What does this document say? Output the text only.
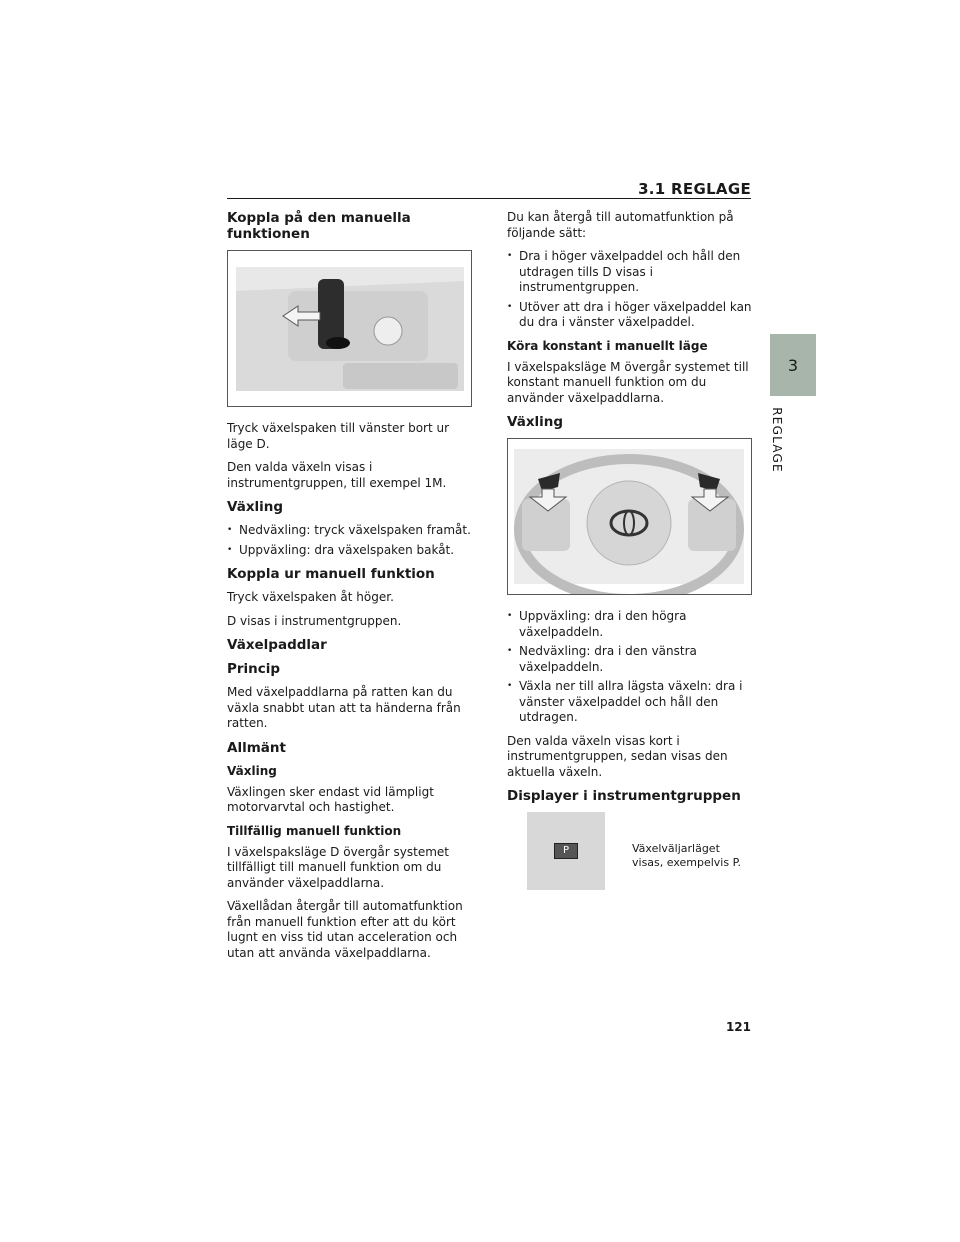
3.1 REGLAGE
3
REGLAGE
Koppla på den manuella funktionen

Tryck växelspaken till vänster bort ur läge D.

Den valda växeln visas i instrumentgruppen, till exempel 1M.

Växling
• Nedväxling: tryck växelspaken framåt.
• Uppväxling: dra växelspaken bakåt.
Koppla ur manuell funktion

Tryck växelspaken åt höger.

D visas i instrumentgruppen.

Växelpaddlar
Princip

Med växelpaddlarna på ratten kan du växla snabbt utan att ta händerna från ratten.

Allmänt
Växling

Växlingen sker endast vid lämpligt motorvarvtal och hastighet.

Tillfällig manuell funktion

I växelspaksläge D övergår systemet tillfälligt till manuell funktion om du använder växelpaddlarna.

Växellådan återgår till automatfunktion från manuell funktion efter att du kört lugnt en viss tid utan acceleration och utan att använda växelpaddlarna.

Du kan återgå till automatfunktion på följande sätt:

• Dra i höger växelpaddel och håll den utdragen tills D visas i instrumentgruppen.
• Utöver att dra i höger växelpaddel kan du dra i vänster växelpaddel.
Köra konstant i manuellt läge

I växelspaksläge M övergår systemet till konstant manuell funktion om du använder växelpaddlarna.

Växling
• Uppväxling: dra i den högra växelpaddeln.
• Nedväxling: dra i den vänstra växelpaddeln.
• Växla ner till allra lägsta växeln: dra i vänster växelpaddel och håll den utdragen.

Den valda växeln visas kort i instrumentgruppen, sedan visas den aktuella växeln.

Displayer i instrumentgruppen
P	Växelväljarläget visas, exempelvis P.
121
